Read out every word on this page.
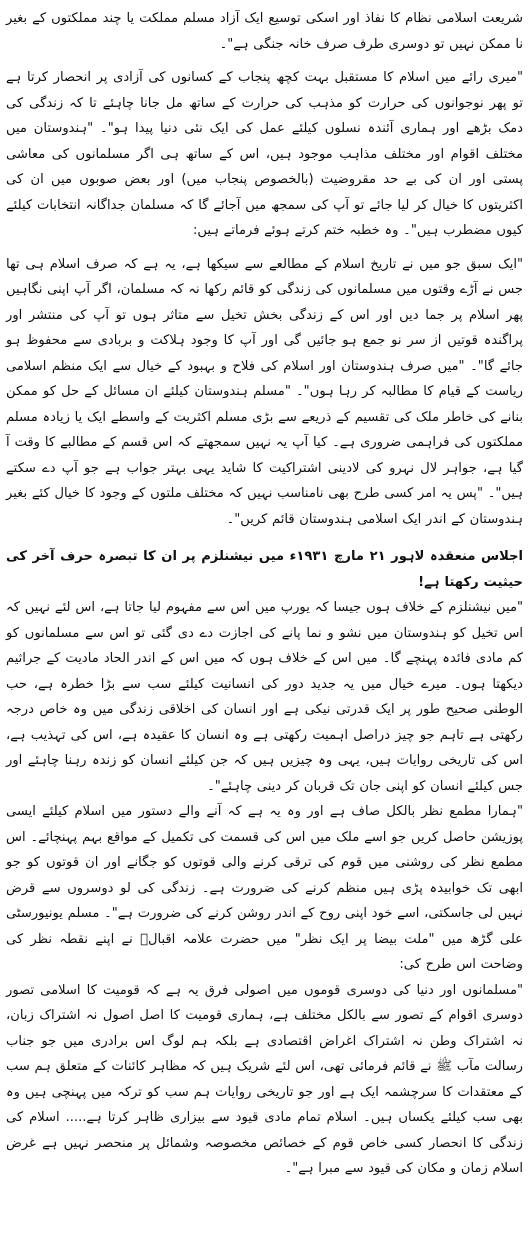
شریعت اسلامی نظام کا نفاذ اور اسکی توسیع ایک آزاد مسلم مملکت یا چند مملکتوں کے بغیر نا ممکن نہیں تو دوسری طرف صرف خانہ جنگی ہے"۔

"میری رائے میں اسلام کا مستقبل بہت کچھ پنجاب کے کسانوں کی آزادی پر انحصار کرتا ہے تو پھر نوجوانوں کی حرارت کو مذہب کی حرارت کے ساتھ مل جانا چاہئے تا کہ زندگی کی دمک بڑھے اور ہماری آئندہ نسلوں کیلئے عمل کی ایک نئی دنیا پیدا ہو"۔ "ہندوستان میں مختلف اقوام اور مختلف مذاہب موجود ہیں، اس کے ساتھ ہی اگر مسلمانوں کی معاشی پستی اور ان کی بے حد مقروضیت (بالخصوص پنجاب میں) اور بعض صوبوں میں ان کی اکثریتوں کا خیال کر لیا جائے تو آپ کی سمجھ میں آجائے گا کہ مسلمان جداگانہ انتخابات کیلئے کیوں مضطرب ہیں"۔ وہ خطبہ ختم کرتے ہوئے فرماتے ہیں:

"ایک سبق جو میں نے تاریخ اسلام کے مطالعے سے سیکھا ہے، یہ ہے کہ صرف اسلام ہی تھا جس نے آڑے وقتوں میں مسلمانوں کی زندگی کو قائم رکھا نہ کہ مسلمان، اگر آپ اپنی نگاہیں پھر اسلام پر جما دیں اور اس کے زندگی بخش تخیل سے متاثر ہوں تو آپ کی منتشر اور پراگندہ قوتیں از سر نو جمع ہو جائیں گی اور آپ کا وجود ہلاکت و بربادی سے محفوظ ہو جائے گا"۔ "میں صرف ہندوستان اور اسلام کی فلاح و بہبود کے خیال سے ایک منظم اسلامی ریاست کے قیام کا مطالبہ کر رہا ہوں"۔ "مسلم ہندوستان کیلئے ان مسائل کے حل کو ممکن بنانے کی خاطر ملک کی تقسیم کے ذریعے سے بڑی مسلم اکثریت کے واسطے ایک یا زیادہ مسلم مملکتوں کی فراہمی ضروری ہے۔ کیا آپ یہ نہیں سمجھتے کہ اس قسم کے مطالبے کا وقت آ گیا ہے، جواہر لال نہرو کی لادینی اشتراکیت کا شاید یہی بہتر جواب ہے جو آپ دے سکتے ہیں"۔ "پس یہ امر کسی طرح بھی نامناسب نہیں کہ مختلف ملتوں کے وجود کا خیال کئے بغیر ہندوستان کے اندر ایک اسلامی ہندوستان قائم کریں"۔

اجلاس منعقدہ لاہور ۲۱ مارچ ۱۹۳۱ء میں نیشنلزم پر ان کا تبصرہ حرف آخر کی حیثیت رکھتا ہے!

"میں نیشنلزم کے خلاف ہوں جیسا کہ یورپ میں اس سے مفہوم لیا جاتا ہے، اس لئے نہیں کہ اس تخیل کو ہندوستان میں نشو و نما پانے کی اجازت دے دی گئی تو اس سے مسلمانوں کو کم مادی فائدہ پہنچے گا۔ میں اس کے خلاف ہوں کہ میں اس کے اندر الحاد مادیت کے جراثیم دیکھتا ہوں۔ میرے خیال میں یہ جدید دور کی انسانیت کیلئے سب سے بڑا خطرہ ہے، حب الوطنی صحیح طور پر ایک قدرتی نیکی ہے اور انسان کی اخلاقی زندگی میں وہ خاص درجہ رکھتی ہے تاہم جو چیز دراصل اہمیت رکھتی ہے وہ انسان کا عقیدہ ہے، اس کی تہذیب ہے، اس کی تاریخی روایات ہیں، یہی وہ چیزیں ہیں کہ جن کیلئے انسان کو زندہ رہنا چاہئے اور جس کیلئے انسان کو اپنی جان تک قربان کر دینی چاہئے"۔

"ہمارا مطمع نظر بالکل صاف ہے اور وہ یہ ہے کہ آنے والے دستور میں اسلام کیلئے ایسی پوزیشن حاصل کریں جو اسے ملک میں اس کی قسمت کی تکمیل کے مواقع بہم پہنچائے۔ اس مطمع نظر کی روشنی میں قوم کی ترقی کرنے والی قوتوں کو جگانے اور ان قوتوں کو جو ابھی تک خوابیدہ پڑی ہیں منظم کرنے کی ضرورت ہے۔ زندگی کی لو دوسروں سے قرض نہیں لی جاسکتی، اسے خود اپنی روح کے اندر روشن کرنے کی ضرورت ہے"۔ مسلم یونیورسٹی علی گڑھ میں "ملت بیضا پر ایک نظر" میں حضرت علامہ اقبالؒ نے اپنے نقطہ نظر کی وضاحت اس طرح کی:

"مسلمانوں اور دنیا کی دوسری قوموں میں اصولی فرق یہ ہے کہ قومیت کا اسلامی تصور دوسری اقوام کے تصور سے بالکل مختلف ہے، ہماری قومیت کا اصل اصول نہ اشتراک زبان، نہ اشتراک وطن نہ اشتراک اغراض اقتصادی ہے بلکہ ہم لوگ اس برادری میں جو جناب رسالت مآب ﷺ نے قائم فرمائی تھی، اس لئے شریک ہیں کہ مظاہر کائنات کے متعلق ہم سب کے معتقدات کا سرچشمہ ایک ہے اور جو تاریخی روایات ہم سب کو ترکہ میں پہنچی ہیں وہ بھی سب کیلئے یکساں ہیں۔ اسلام تمام مادی قیود سے بیزاری ظاہر کرتا ہے..... اسلام کی زندگی کا انحصار کسی خاص قوم کے خصائص مخصوصہ وشمائل پر منحصر نہیں ہے غرض اسلام زمان و مکان کی قیود سے مبرا ہے"۔
